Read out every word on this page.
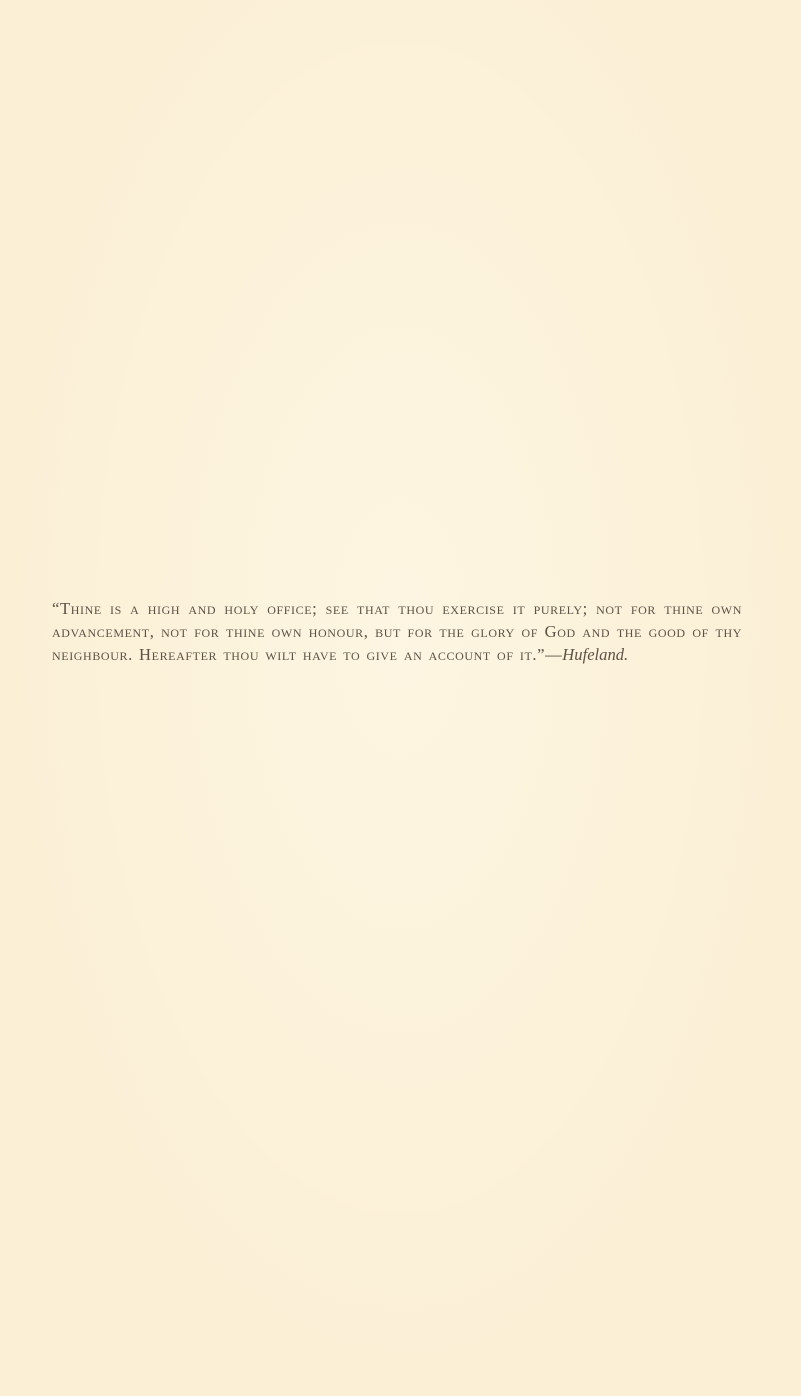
“Thine is a high and holy office; see that thou exercise it purely; not for thine own advancement, not for thine own honour, but for the glory of God and the good of thy neighbour. Hereafter thou wilt have to give an account of it.”—Hufeland.
